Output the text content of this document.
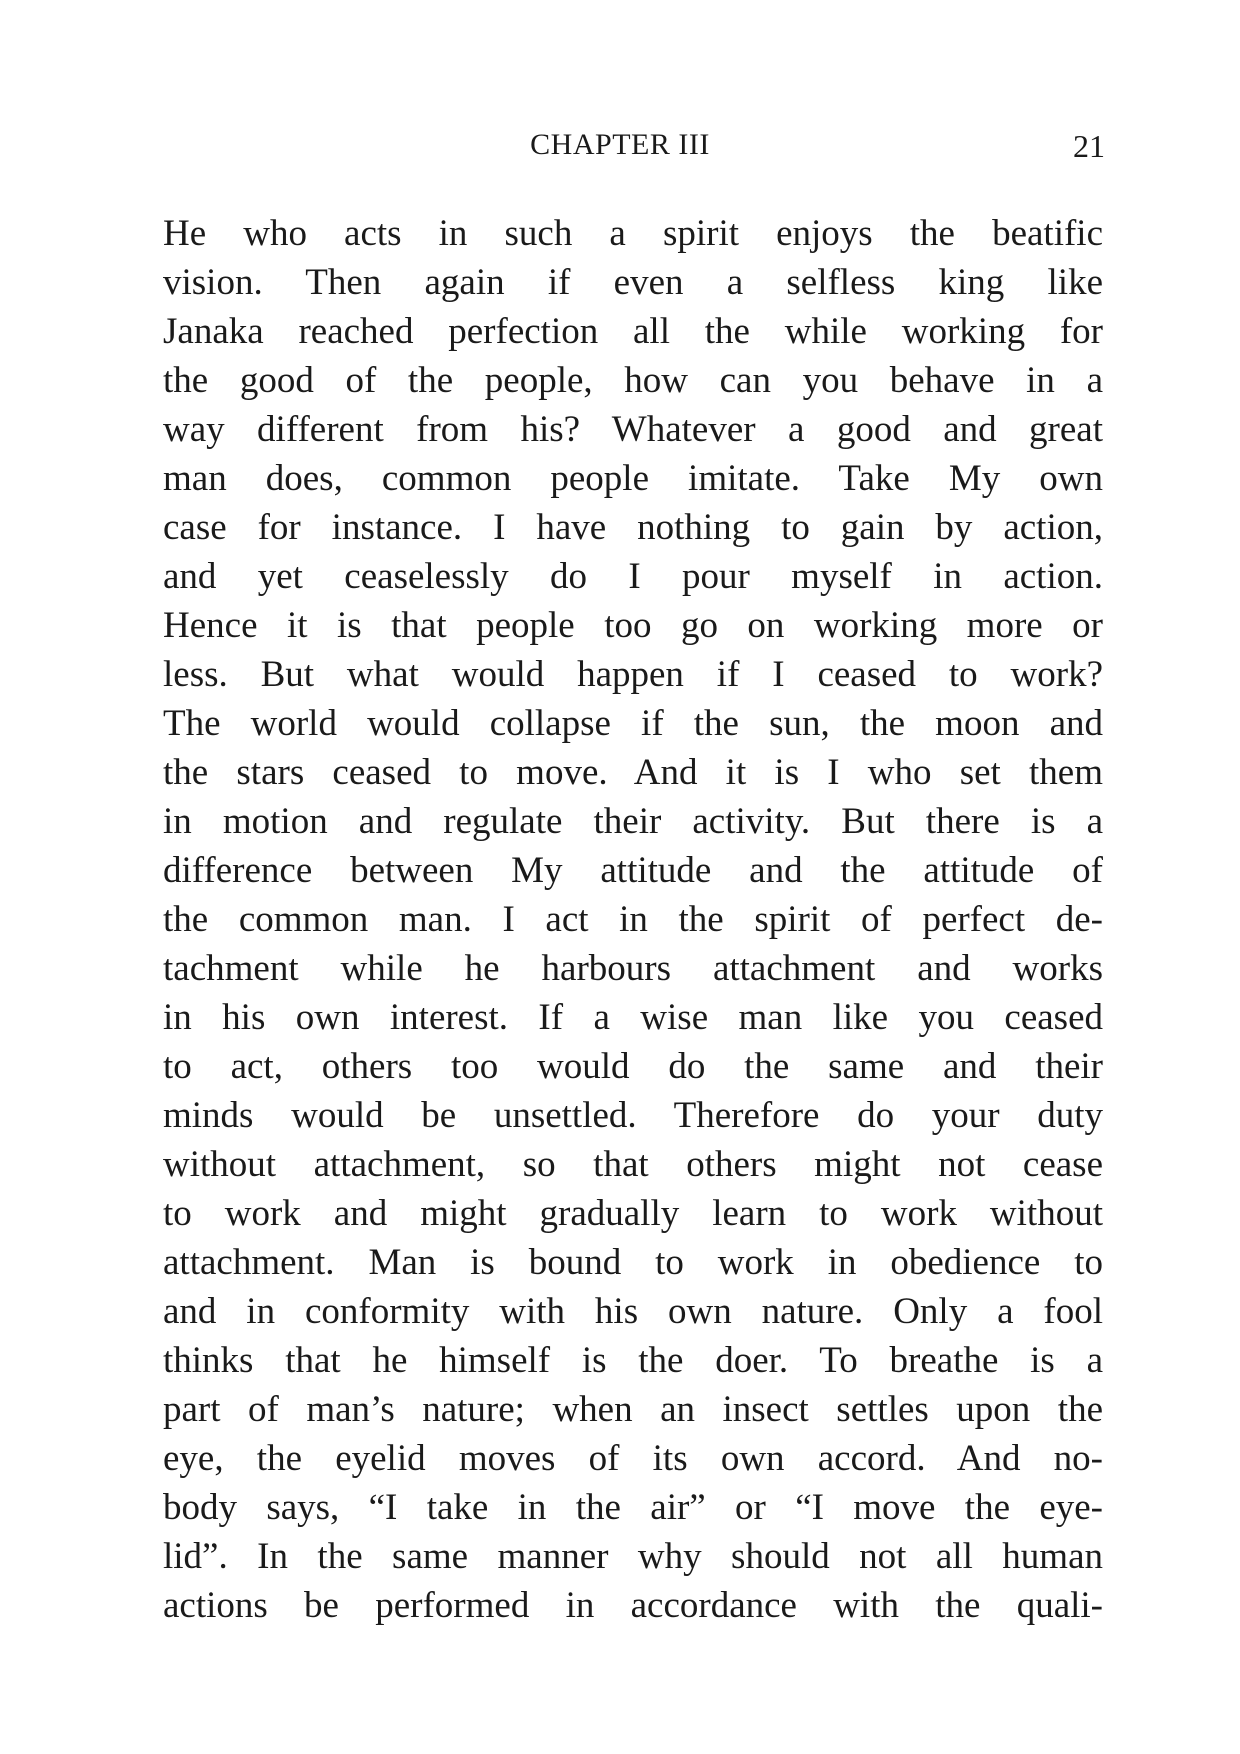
CHAPTER III	21
He who acts in such a spirit enjoys the beatific
vision. Then again if even a selfless king like
Janaka reached perfection all the while working for
the good of the people, how can you behave in a
way different from his? Whatever a good and great
man does, common people imitate. Take My own
case for instance. I have nothing to gain by action,
and yet ceaselessly do I pour myself in action.
Hence it is that people too go on working more or
less. But what would happen if I ceased to work?
The world would collapse if the sun, the moon and
the stars ceased to move. And it is I who set them
in motion and regulate their activity. But there is a
difference between My attitude and the attitude of
the common man. I act in the spirit of perfect de-
tachment while he harbours attachment and works
in his own interest. If a wise man like you ceased
to act, others too would do the same and their
minds would be unsettled. Therefore do your duty
without attachment, so that others might not cease
to work and might gradually learn to work without
attachment. Man is bound to work in obedience to
and in conformity with his own nature. Only a fool
thinks that he himself is the doer. To breathe is a
part of man’s nature; when an insect settles upon the
eye, the eyelid moves of its own accord. And no-
body says, “I take in the air” or “I move the eye-
lid”. In the same manner why should not all human
actions be performed in accordance with the quali-
